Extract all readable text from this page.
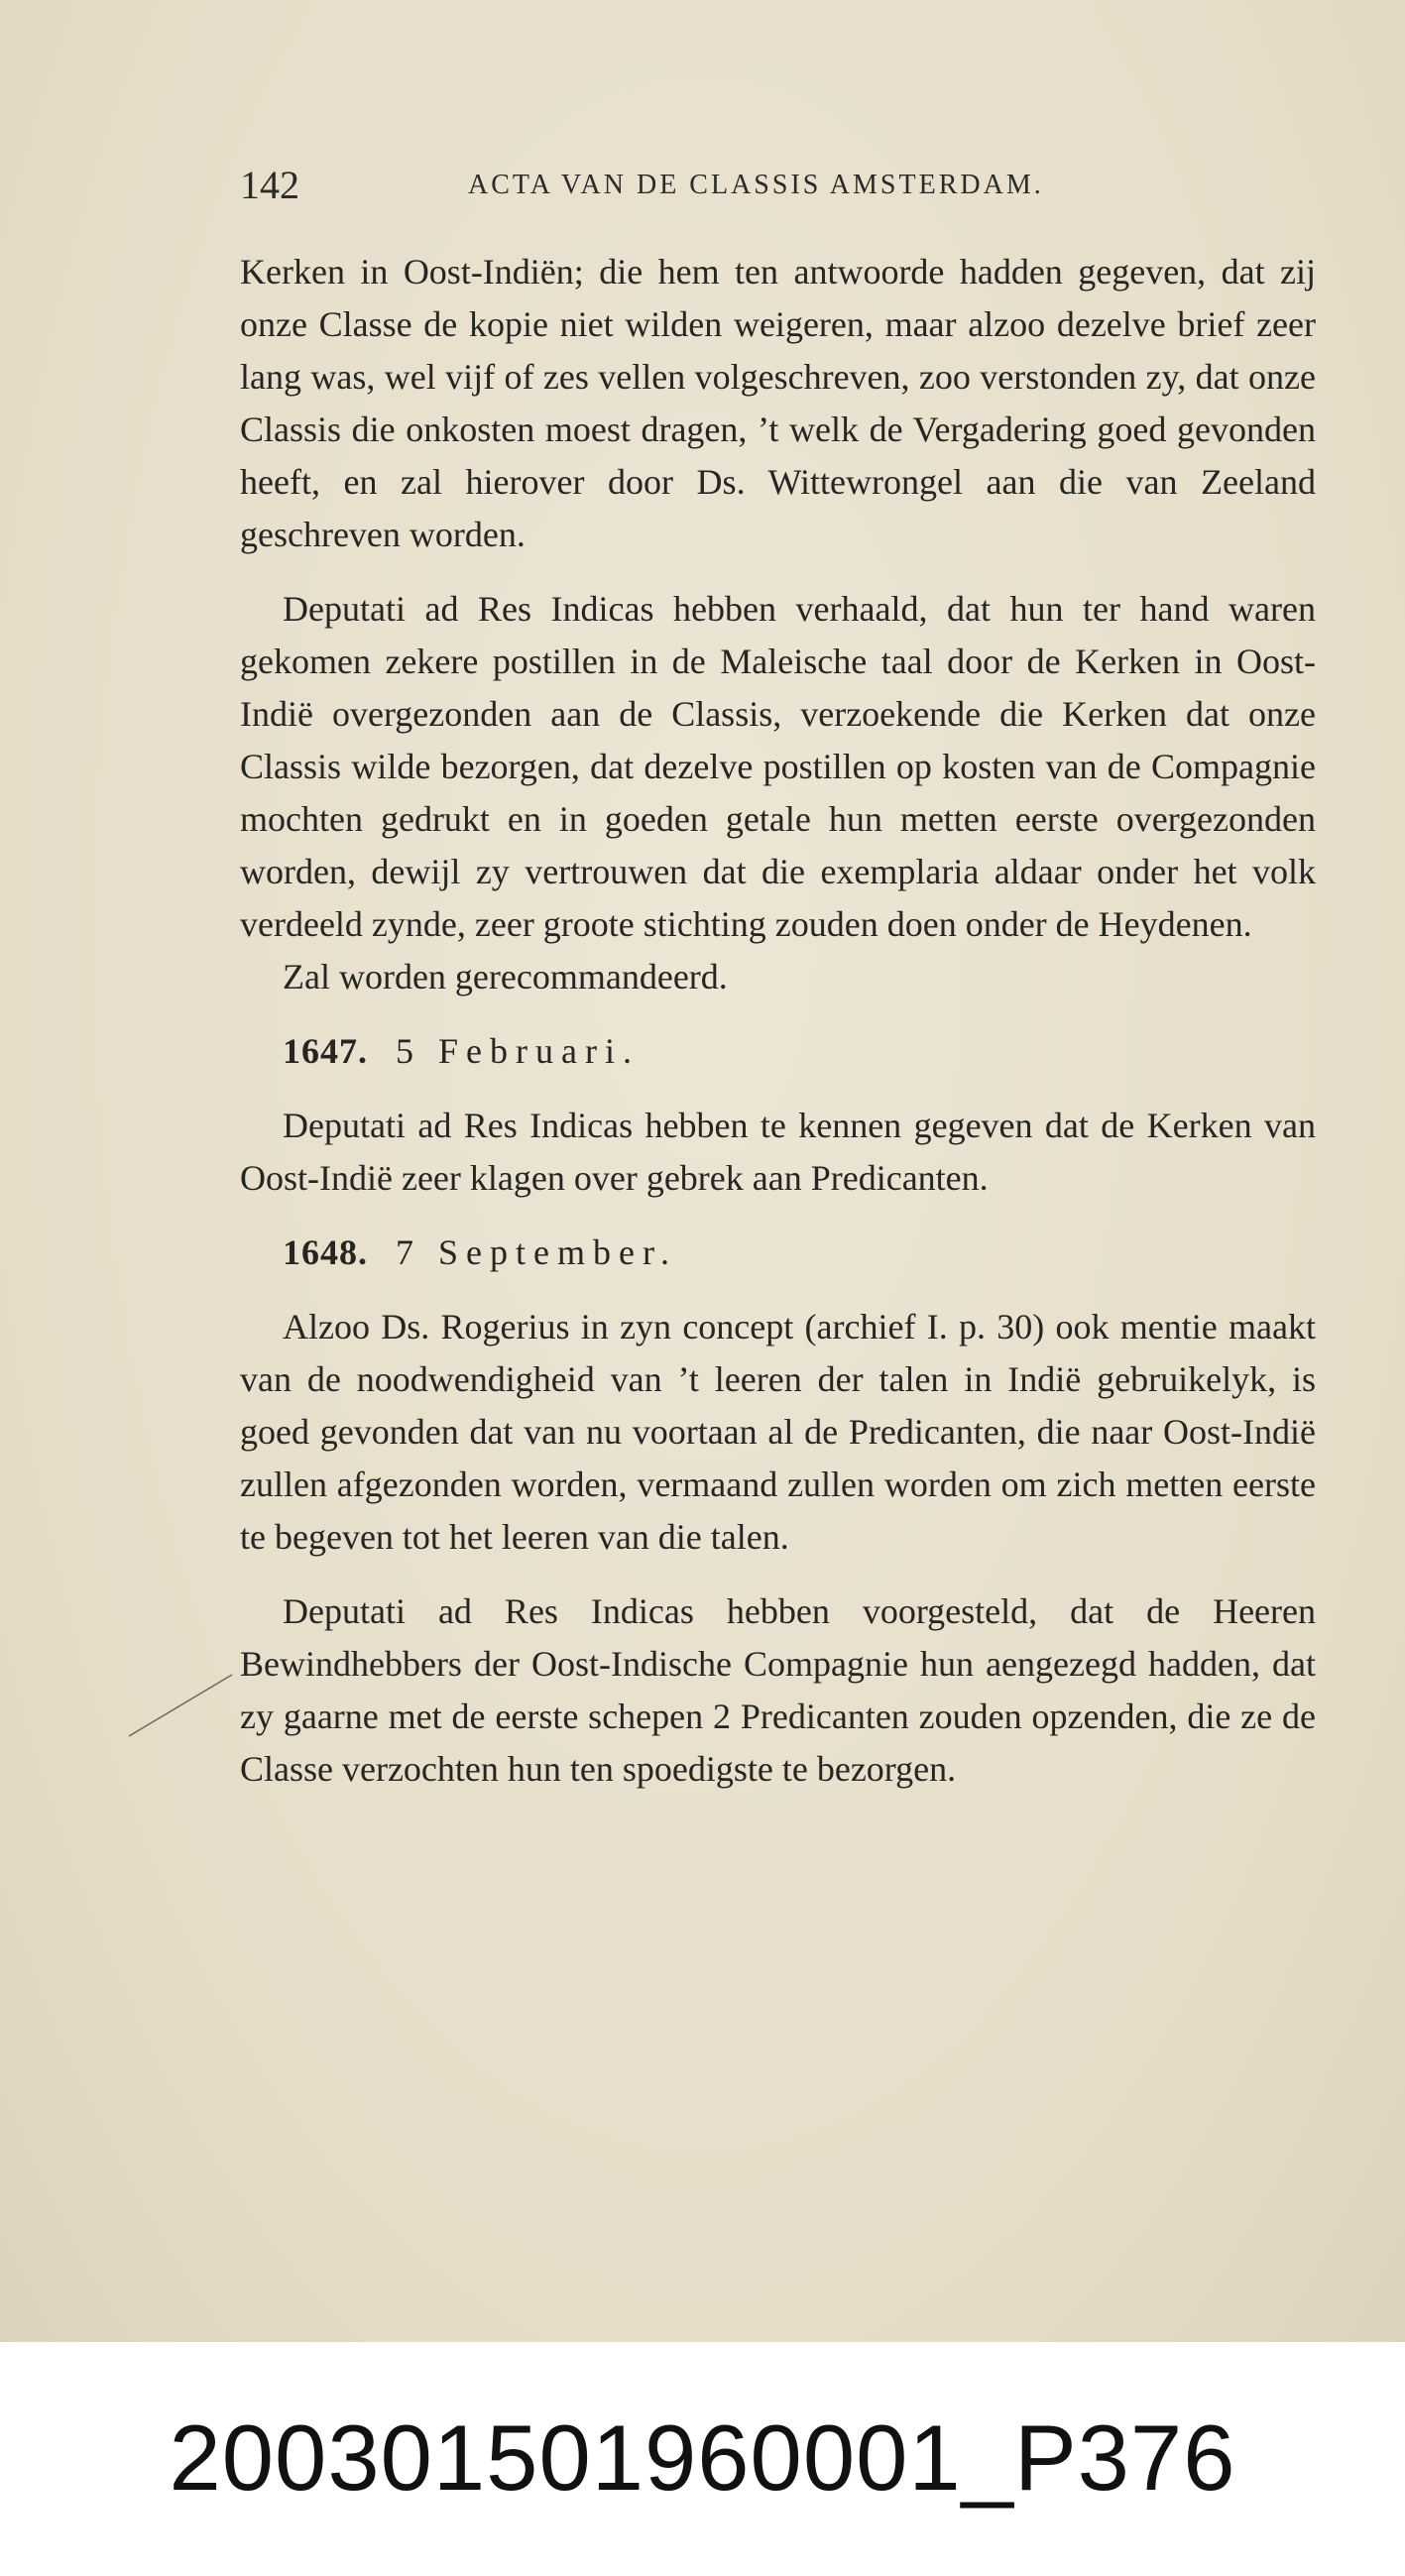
142	ACTA VAN DE CLASSIS AMSTERDAM.

Kerken in Oost-Indiën; die hem ten antwoorde hadden gegeven, dat zij onze Classe de kopie niet wilden weigeren, maar alzoo dezelve brief zeer lang was, wel vijf of zes vellen volgeschreven, zoo verstonden zy, dat onze Classis die onkosten moest dragen, ’t welk de Vergadering goed gevonden heeft, en zal hierover door Ds. Wittewrongel aan die van Zeeland geschreven worden.

Deputati ad Res Indicas hebben verhaald, dat hun ter hand waren gekomen zekere postillen in de Maleische taal door de Kerken in Oost-Indië overgezonden aan de Classis, verzoekende die Kerken dat onze Classis wilde bezorgen, dat dezelve postillen op kosten van de Compagnie mochten gedrukt en in goeden getale hun metten eerste overgezonden worden, dewijl zy vertrouwen dat die exemplaria aldaar onder het volk verdeeld zynde, zeer groote stichting zouden doen onder de Heydenen.

Zal worden gerecommandeerd.

1647. 5 Februari.

Deputati ad Res Indicas hebben te kennen gegeven dat de Kerken van Oost-Indië zeer klagen over gebrek aan Predicanten.

1648. 7 September.

Alzoo Ds. Rogerius in zyn concept (archief I. p. 30) ook mentie maakt van de noodwendigheid van ’t leeren der talen in Indië gebruikelyk, is goed gevonden dat van nu voortaan al de Predicanten, die naar Oost-Indië zullen afgezonden worden, vermaand zullen worden om zich metten eerste te begeven tot het leeren van die talen.

Deputati ad Res Indicas hebben voorgesteld, dat de Heeren Bewindhebbers der Oost-Indische Compagnie hun aengezegd hadden, dat zy gaarne met de eerste schepen 2 Predicanten zouden opzenden, die ze de Classe verzochten hun ten spoedigste te bezorgen.

200301501960001_P376
